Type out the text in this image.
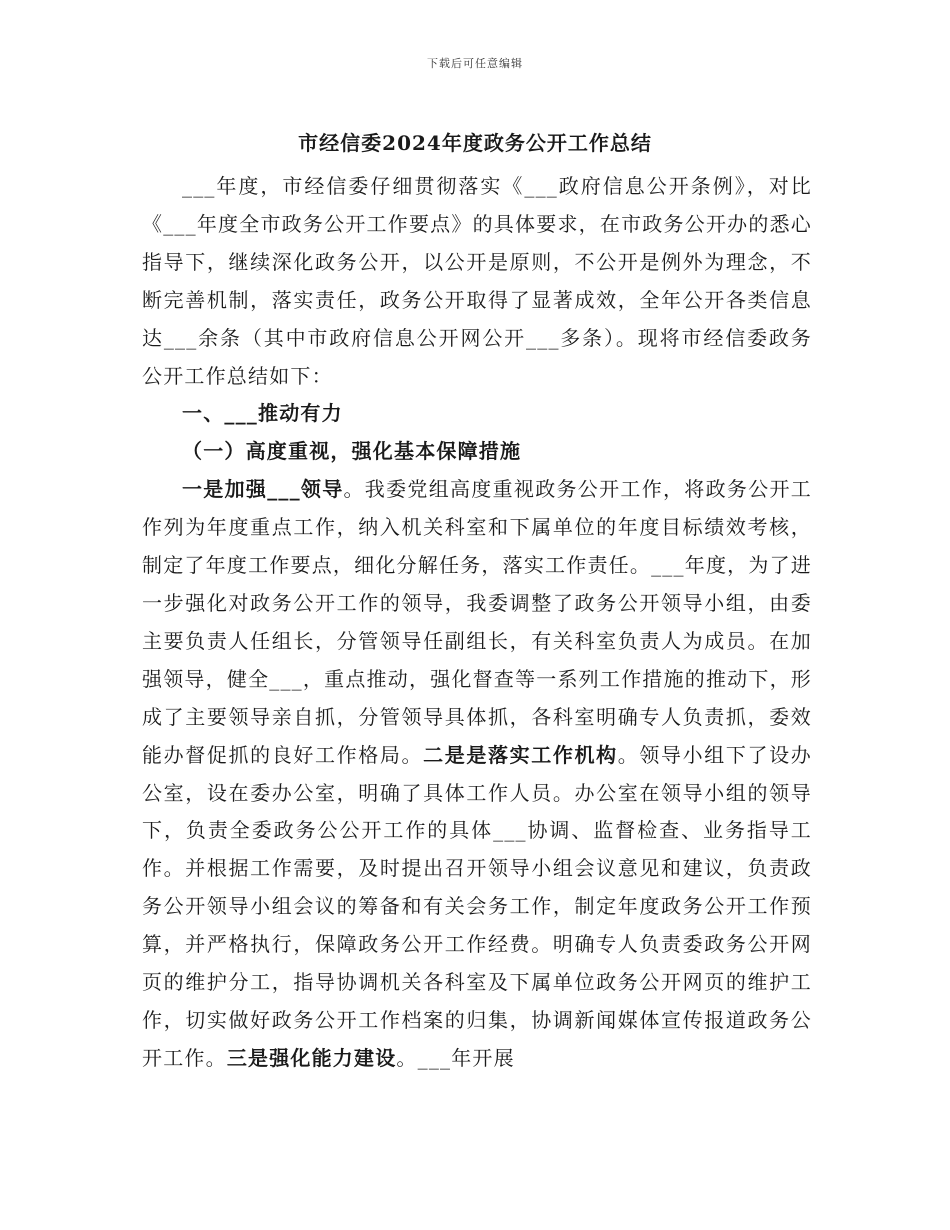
下载后可任意编辑
市经信委2024年度政务公开工作总结

___年度，市经信委仔细贯彻落实《___政府信息公开条例》，对比《___年度全市政务公开工作要点》的具体要求，在市政务公开办的悉心指导下，继续深化政务公开，以公开是原则，不公开是例外为理念，不断完善机制，落实责任，政务公开取得了显著成效，全年公开各类信息达___余条（其中市政府信息公开网公开___多条）。现将市经信委政务公开工作总结如下：

一、___推动有力

（一）高度重视，强化基本保障措施

一是加强___领导。我委党组高度重视政务公开工作，将政务公开工作列为年度重点工作，纳入机关科室和下属单位的年度目标绩效考核，制定了年度工作要点，细化分解任务，落实工作责任。___年度，为了进一步强化对政务公开工作的领导，我委调整了政务公开领导小组，由委主要负责人任组长，分管领导任副组长，有关科室负责人为成员。在加强领导，健全___，重点推动，强化督查等一系列工作措施的推动下，形成了主要领导亲自抓，分管领导具体抓，各科室明确专人负责抓，委效能办督促抓的良好工作格局。二是是落实工作机构。领导小组下了设办公室，设在委办公室，明确了具体工作人员。办公室在领导小组的领导下，负责全委政务公公开工作的具体___协调、监督检查、业务指导工作。并根据工作需要，及时提出召开领导小组会议意见和建议，负责政务公开领导小组会议的筹备和有关会务工作，制定年度政务公开工作预算，并严格执行，保障政务公开工作经费。明确专人负责委政务公开网页的维护分工，指导协调机关各科室及下属单位政务公开网页的维护工作，切实做好政务公开工作档案的归集，协调新闻媒体宣传报道政务公开工作。三是强化能力建设。___年开展
